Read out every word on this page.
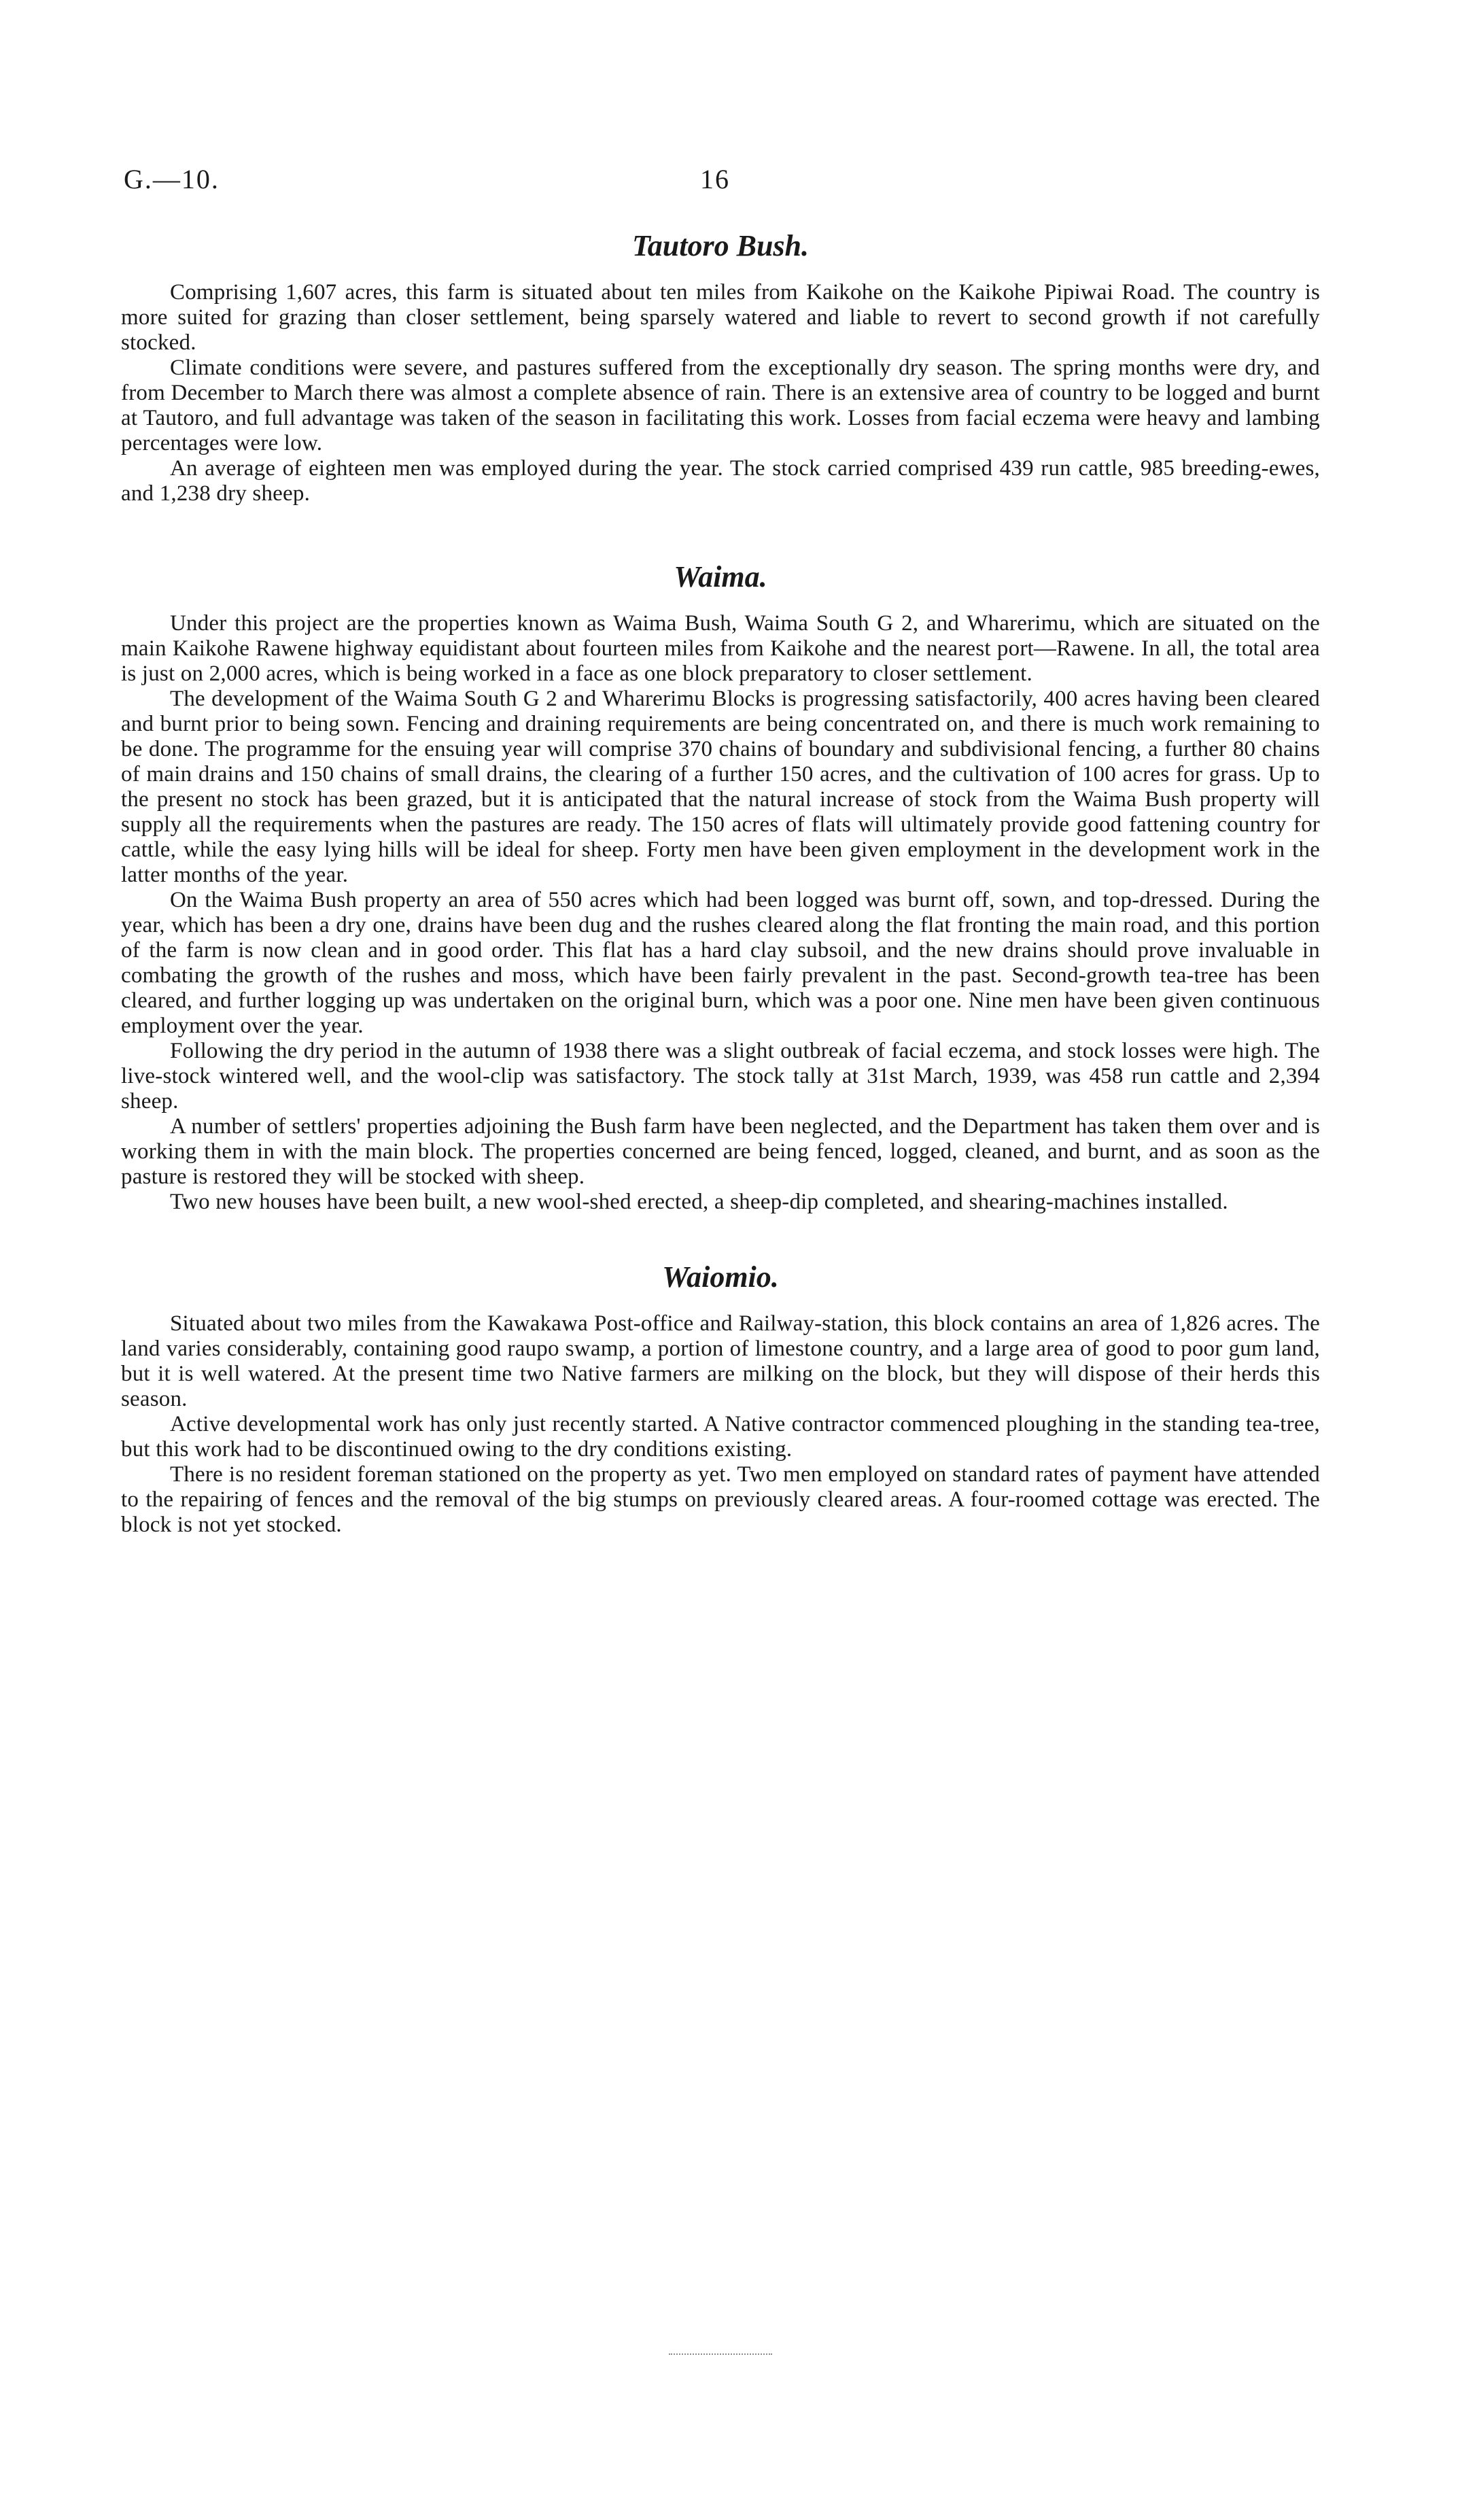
G.—10.	16
Tautoro Bush.

Comprising 1,607 acres, this farm is situated about ten miles from Kaikohe on the Kaikohe Pipiwai Road. The country is more suited for grazing than closer settlement, being sparsely watered and liable to revert to second growth if not carefully stocked.

Climate conditions were severe, and pastures suffered from the exceptionally dry season. The spring months were dry, and from December to March there was almost a complete absence of rain. There is an extensive area of country to be logged and burnt at Tautoro, and full advantage was taken of the season in facilitating this work. Losses from facial eczema were heavy and lambing percentages were low.

An average of eighteen men was employed during the year. The stock carried comprised 439 run cattle, 985 breeding-ewes, and 1,238 dry sheep.

Waima.

Under this project are the properties known as Waima Bush, Waima South G 2, and Wharerimu, which are situated on the main Kaikohe Rawene highway equidistant about fourteen miles from Kaikohe and the nearest port—Rawene. In all, the total area is just on 2,000 acres, which is being worked in a face as one block preparatory to closer settlement.

The development of the Waima South G 2 and Wharerimu Blocks is progressing satisfactorily, 400 acres having been cleared and burnt prior to being sown. Fencing and draining requirements are being concentrated on, and there is much work remaining to be done. The programme for the ensuing year will comprise 370 chains of boundary and subdivisional fencing, a further 80 chains of main drains and 150 chains of small drains, the clearing of a further 150 acres, and the cultivation of 100 acres for grass. Up to the present no stock has been grazed, but it is anticipated that the natural increase of stock from the Waima Bush property will supply all the requirements when the pastures are ready. The 150 acres of flats will ultimately provide good fattening country for cattle, while the easy lying hills will be ideal for sheep. Forty men have been given employment in the development work in the latter months of the year.

On the Waima Bush property an area of 550 acres which had been logged was burnt off, sown, and top-dressed. During the year, which has been a dry one, drains have been dug and the rushes cleared along the flat fronting the main road, and this portion of the farm is now clean and in good order. This flat has a hard clay subsoil, and the new drains should prove invaluable in combating the growth of the rushes and moss, which have been fairly prevalent in the past. Second-growth tea-tree has been cleared, and further logging up was undertaken on the original burn, which was a poor one. Nine men have been given continuous employment over the year.

Following the dry period in the autumn of 1938 there was a slight outbreak of facial eczema, and stock losses were high. The live-stock wintered well, and the wool-clip was satisfactory. The stock tally at 31st March, 1939, was 458 run cattle and 2,394 sheep.

A number of settlers' properties adjoining the Bush farm have been neglected, and the Department has taken them over and is working them in with the main block. The properties concerned are being fenced, logged, cleaned, and burnt, and as soon as the pasture is restored they will be stocked with sheep.

Two new houses have been built, a new wool-shed erected, a sheep-dip completed, and shearing-machines installed.

Waiomio.

Situated about two miles from the Kawakawa Post-office and Railway-station, this block contains an area of 1,826 acres. The land varies considerably, containing good raupo swamp, a portion of limestone country, and a large area of good to poor gum land, but it is well watered. At the present time two Native farmers are milking on the block, but they will dispose of their herds this season.

Active developmental work has only just recently started. A Native contractor commenced ploughing in the standing tea-tree, but this work had to be discontinued owing to the dry conditions existing.

There is no resident foreman stationed on the property as yet. Two men employed on standard rates of payment have attended to the repairing of fences and the removal of the big stumps on previously cleared areas. A four-roomed cottage was erected. The block is not yet stocked.
